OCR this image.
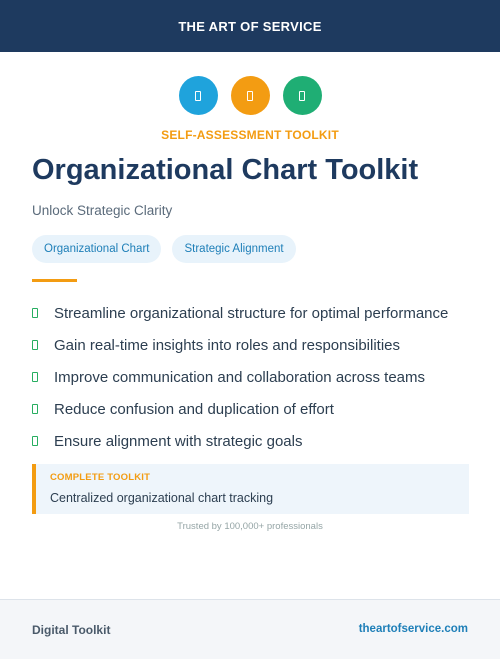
THE ART OF SERVICE
SELF-ASSESSMENT TOOLKIT
Organizational Chart Toolkit
Unlock Strategic Clarity
Organizational Chart	Strategic Alignment
Streamline organizational structure for optimal performance
Gain real-time insights into roles and responsibilities
Improve communication and collaboration across teams
Reduce confusion and duplication of effort
Ensure alignment with strategic goals
COMPLETE TOOLKIT
Centralized organizational chart tracking
Trusted by 100,000+ professionals
Digital Toolkit	theartofservice.com
